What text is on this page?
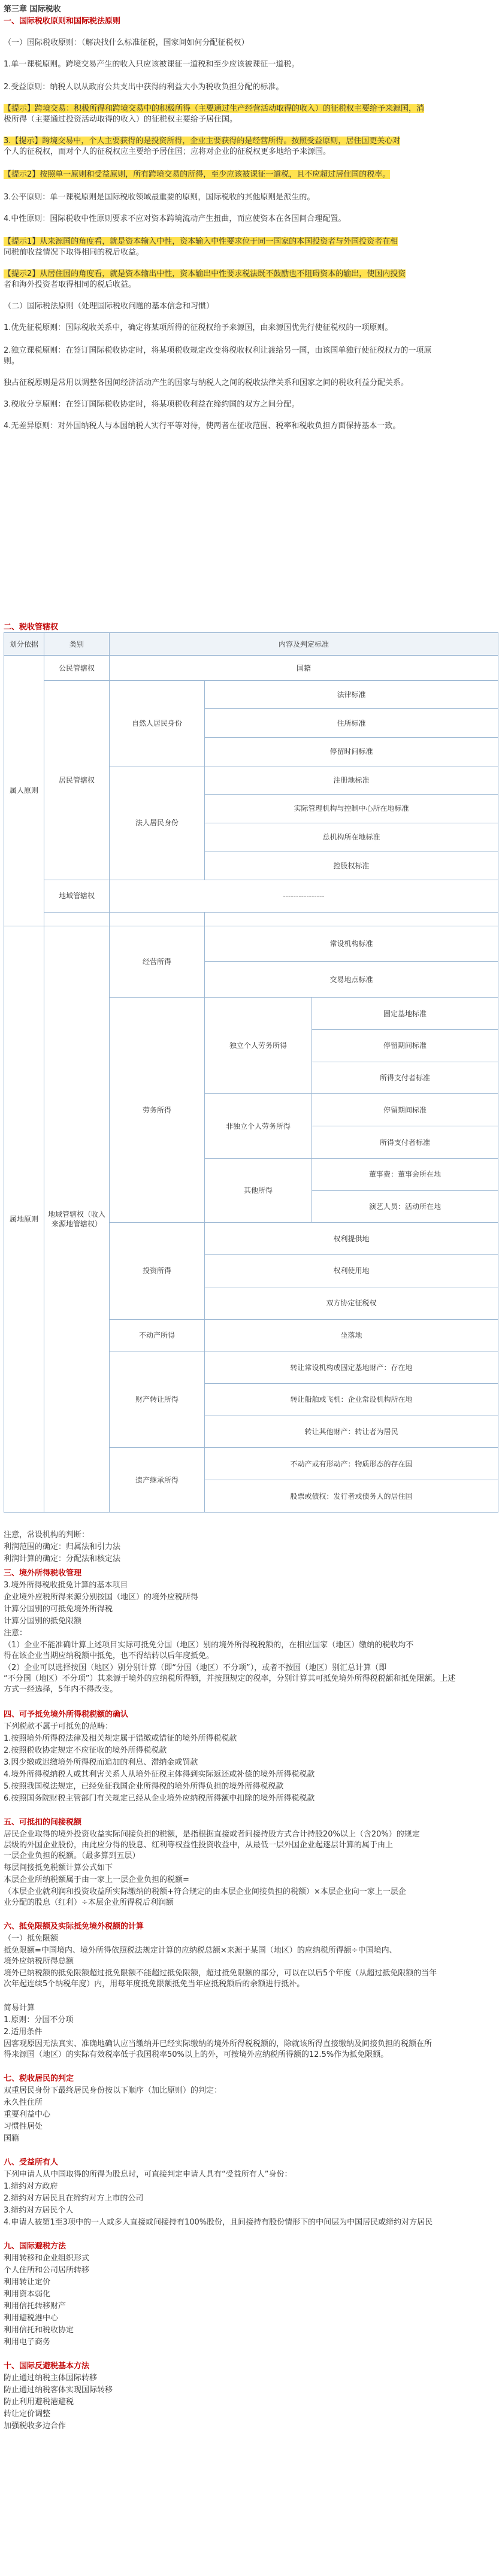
第三章 国际税收
一、国际税收原则和国际税法原则
（一）国际税收原则：（解决找什么标准征税，国家间如何分配征税权）
1.单一课税原则。跨境交易产生的收入只应该被课征一道税和至少应该被课征一道税。
2.受益原则：纳税人以从政府公共支出中获得的利益大小为税收负担分配的标准。
【提示】跨境交易：积极所得和跨境交易中的积极所得（主要通过生产经营活动取得的收入）的征税权主要给予来源国，消
极所得（主要通过投资活动取得的收入）的征税权主要给予居住国。
3.【提示】跨境交易中，个人主要获得的是投资所得，企业主要获得的是经营所得。按照受益原则，居住国更关心对
个人的征税权，而对个人的征税权应主要给予居住国；应将对企业的征税权更多地给予来源国。
【提示2】按照单一原则和受益原则，所有跨境交易的所得，至少应该被课征一道税，且不应超过居住国的税率。
3.公平原则：单一课税原则是国际税收领域最重要的原则，国际税收的其他原则是派生的。
4.中性原则：国际税收中性原则要求不应对资本跨境流动产生扭曲，而应使资本在各国间合理配置。
【提示1】从来源国的角度看，就是资本输入中性，资本输入中性要求位于同一国家的本国投资者与外国投资者在相
同税前收益情况下取得相同的税后收益。
【提示2】从居住国的角度看，就是资本输出中性，资本输出中性要求税法既不鼓励也不阻碍资本的输出，使国内投资
者和海外投资者取得相同的税后收益。
（二）国际税法原则（处理国际税收问题的基本信念和习惯）
1.优先征税原则：国际税收关系中，确定将某项所得的征税权给予来源国，由来源国优先行使征税权的一项原则。
2.独立课税原则：在签订国际税收协定时，将某项税收规定改变将税收权利让渡给另一国，由该国单独行使征税权力的一项原
则。
独占征税原则是常用以调整各国间经济活动产生的国家与纳税人之间的税收法律关系和国家之间的税收利益分配关系。
3.税收分享原则：在签订国际税收协定时，将某项税收利益在缔约国的双方之间分配。
4.无差异原则：对外国纳税人与本国纳税人实行平等对待，使两者在征收范围、税率和税收负担方面保持基本一致。
二、税收管辖权
划分依据	类别	内容及判定标准		
属人原则	公民管辖权	国籍		
	居民管辖权	自然人居民身份	法律标准	
			住所标准	
			停留时间标准	
		法人居民身份	注册地标准	
			实际管理机构与控制中心所在地标准	
			总机构所在地标准	
			控股权标准	
	地域管辖权	----------------		

属地原则	地域管辖权（收入来源地管辖权）	经营所得	常设机构标准	
			交易地点标准	
		劳务所得	独立个人劳务所得	固定基地标准
				停留期间标准
				所得支付者标准
			非独立个人劳务所得	停留期间标准
				所得支付者标准
			其他所得	董事费：董事会所在地
				演艺人员：活动所在地
		投资所得	权利提供地	
			权利使用地	
			双方协定征税权	
		不动产所得	坐落地	
		财产转让所得	转让常设机构或固定基地财产：存在地	
			转让船舶或飞机：企业常设机构所在地	
			转让其他财产：转让者为居民	
		遗产继承所得	不动产或有形动产：物质形态的存在国	
			股票或债权：发行者或债务人的居住国	
注意，常设机构的判断：
利润范围的确定：归属法和引力法
利润计算的确定：分配法和核定法
三、境外所得税收管理
3.境外所得税收抵免计算的基本项目
企业境外应税所得来源分别按国（地区）的境外应税所得
计算分国别的可抵免境外所得税
计算分国别的抵免限额
注意：
（1）企业不能准确计算上述项目实际可抵免分国（地区）别的境外所得税税额的，在相应国家（地区）缴纳的税收均不
得在该企业当期应纳税额中抵免，也不得结转以后年度抵免。
（2）企业可以选择按国（地区）别分别计算（即“分国（地区）不分项”），或者不按国（地区）别汇总计算（即
“不分国（地区）不分项”）其来源于境外的应纳税所得额，并按照规定的税率，分别计算其可抵免境外所得税税额和抵免限额。上述
方式一经选择，5年内不得改变。
四、可予抵免境外所得税税额的确认
下列税款不属于可抵免的范畴：
1.按照境外所得税法律及相关规定属于错缴或错征的境外所得税税款
2.按照税收协定规定不应征收的境外所得税税款
3.因少缴或迟缴境外所得税而追加的利息、滞纳金或罚款
4.境外所得税纳税人或其利害关系人从境外征税主体得到实际返还或补偿的境外所得税税款
5.按照我国税法规定，已经免征我国企业所得税的境外所得负担的境外所得税税款
6.按照国务院财税主管部门有关规定已经从企业境外应纳税所得额中扣除的境外所得税税款
五、可抵扣的间接税额
居民企业取得的境外投资收益实际间接负担的税额，是指根据直接或者间接持股方式合计持股20%以上（含20%）的规定
层级的外国企业股份，由此应分得的股息、红利等权益性投资收益中，从最低一层外国企业起逐层计算的属于由上
一层企业负担的税额。（最多算到五层）
每层间接抵免税额计算公式如下
本层企业所纳税额属于由一家上一层企业负担的税额=
（本层企业就利润和投资收益所实际缴纳的税额+符合规定的由本层企业间接负担的税额）×本层企业向一家上一层企
业分配的股息（红利）÷本层企业所得税后利润额
六、抵免限额及实际抵免境外税额的计算
（一）抵免限额
抵免限额=中国境内、境外所得依照税法规定计算的应纳税总额×来源于某国（地区）的应纳税所得额÷中国境内、
境外应纳税所得总额
境外已纳税额的抵免限额超过抵免限额不能超过抵免限额，超过抵免限额的部分，可以在以后5个年度（从超过抵免限额的当年
次年起连续5个纳税年度）内，用每年度抵免限额抵免当年应抵税额后的余额进行抵补。
简易计算
1.原则：分国不分项
2.适用条件
因客观原因无法真实、准确地确认应当缴纳并已经实际缴纳的境外所得税税额的，除就该所得直接缴纳及间接负担的税额在所
得来源国（地区）的实际有效税率低于我国税率50%以上的外，可按境外应纳税所得额的12.5%作为抵免限额。
七、税收居民的判定
双重居民身份下最终居民身份按以下顺序（加比原则）的判定：
永久性住所
重要利益中心
习惯性居处
国籍
八、受益所有人
下列申请人从中国取得的所得为股息时，可直接判定申请人具有“受益所有人”身份：
1.缔约对方政府
2.缔约对方居民且在缔约对方上市的公司
3.缔约对方居民个人
4.申请人被第1至3项中的一人或多人直接或间接持有100%股份，且间接持有股份情形下的中间层为中国居民或缔约对方居民
九、国际避税方法
利用转移和企业组织形式
个人住所和公司居所转移
利用转让定价
利用资本弱化
利用信托转移财产
利用避税港中心
利用信托和税收协定
利用电子商务
十、国际反避税基本方法
防止通过纳税主体国际转移
防止通过纳税客体实现国际转移
防止利用避税港避税
转让定价调整
加强税收多边合作
